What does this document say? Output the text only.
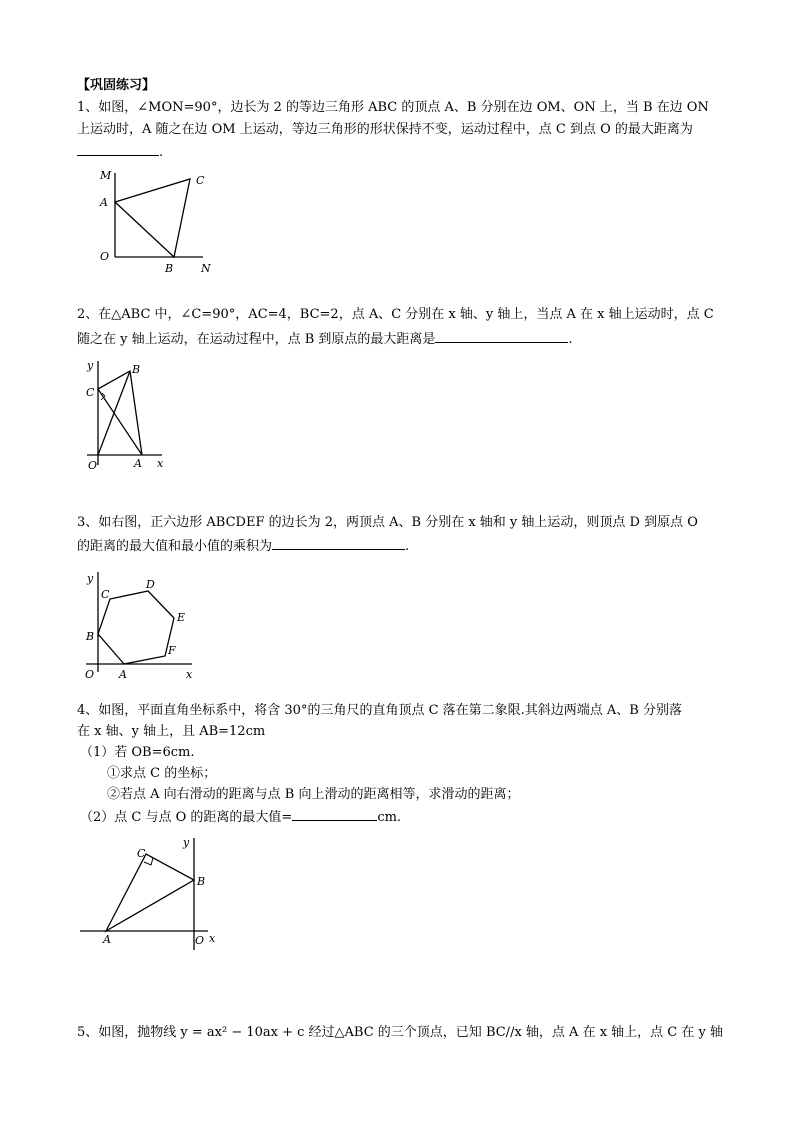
【巩固练习】
1、如图，∠MON=90°，边长为 2 的等边三角形 ABC 的顶点 A、B 分别在边 OM、ON 上，当 B 在边 ON
上运动时，A 随之在边 OM 上运动，等边三角形的形状保持不变，运动过程中，点 C 到点 O 的最大距离为
.
M	C
A
O
B	N
2、在△ABC 中，∠C=90°，AC=4，BC=2，点 A、C 分别在 x 轴、y 轴上，当点 A 在 x 轴上运动时，点 C
随之在 y 轴上运动，在运动过程中，点 B 到原点的最大距离是	.
y	B
C
O	A x
3、如右图，正六边形 ABCDEF 的边长为 2，两顶点 A、B 分别在 x 轴和 y 轴上运动，则顶点 D 到原点 O
的距离的最大值和最小值的乘积为	.
y	D
C
E
B
F
O A	x
4、如图，平面直角坐标系中，将含 30°的三角尺的直角顶点 C 落在第二象限.其斜边两端点 A、B 分别落
在 x 轴、y 轴上，且 AB=12cm
（1）若 OB=6cm.
①求点 C 的坐标；
②若点 A 向右滑动的距离与点 B 向上滑动的距离相等，求滑动的距离；
（2）点 C 与点 O 的距离的最大值=	cm.
C
y
B
A	O x
5、如图，抛物线 y = ax² − 10ax + c 经过△ABC 的三个顶点，已知 BC//x 轴，点 A 在 x 轴上，点 C 在 y 轴
